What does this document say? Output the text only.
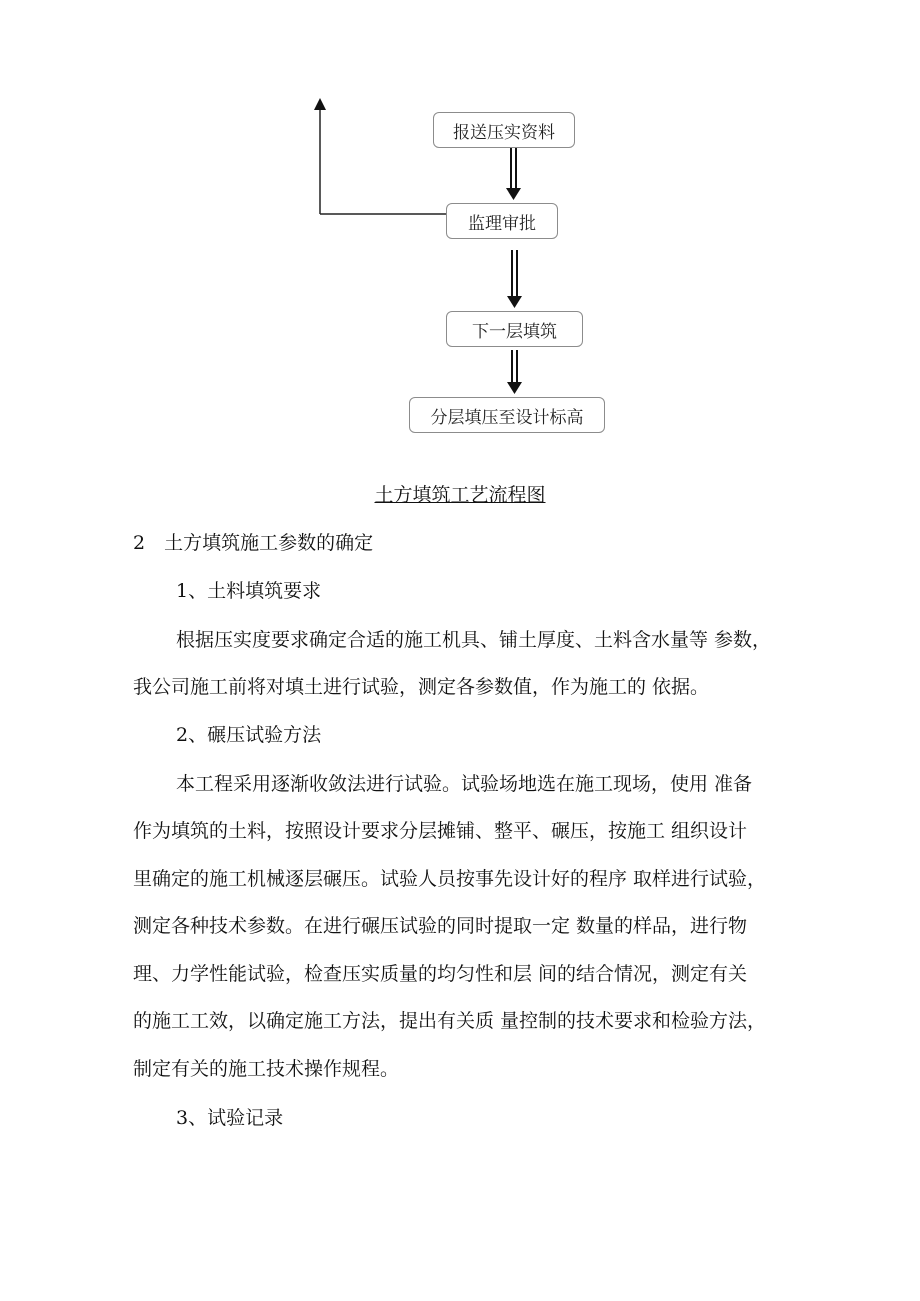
报送压实资料
监理审批
下一层填筑
分层填压至设计标高
土方填筑工艺流程图
2　土方填筑施工参数的确定
1、土料填筑要求
根据压实度要求确定合适的施工机具、铺土厚度、土料含水量等 参数，
我公司施工前将对填土进行试验，测定各参数值，作为施工的 依据。
2、碾压试验方法
本工程采用逐渐收敛法进行试验。试验场地选在施工现场，使用 准备
作为填筑的土料，按照设计要求分层摊铺、整平、碾压，按施工 组织设计
里确定的施工机械逐层碾压。试验人员按事先设计好的程序 取样进行试验，
测定各种技术参数。在进行碾压试验的同时提取一定 数量的样品，进行物
理、力学性能试验，检查压实质量的均匀性和层 间的结合情况，测定有关
的施工工效，以确定施工方法，提出有关质 量控制的技术要求和检验方法，
制定有关的施工技术操作规程。
3、试验记录
